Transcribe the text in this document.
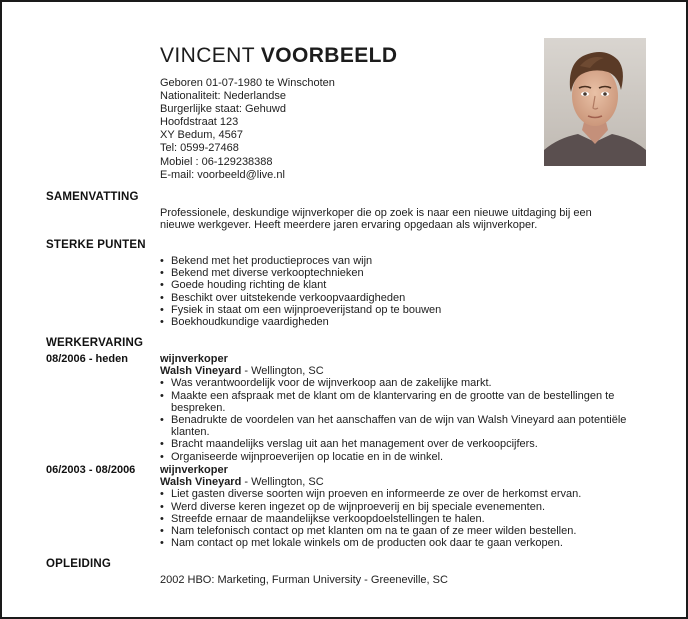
VINCENT VOORBEELD
Geboren 01-07-1980 te Winschoten
Nationaliteit: Nederlandse
Burgerlijke staat: Gehuwd
Hoofdstraat 123
XY Bedum, 4567
Tel: 0599-27468
Mobiel : 06-129238388
E-mail: voorbeeld@live.nl
SAMENVATTING
Professionele, deskundige wijnverkoper die op zoek is naar een nieuwe uitdaging bij een
nieuwe werkgever. Heeft meerdere jaren ervaring opgedaan als wijnverkoper.
STERKE PUNTEN
• Bekend met het productieproces van wijn
• Bekend met diverse verkooptechnieken
• Goede houding richting de klant
• Beschikt over uitstekende verkoopvaardigheden
• Fysiek in staat om een wijnproeverijstand op te bouwen
• Boekhoudkundige vaardigheden
WERKERVARING
08/2006 - heden	wijnverkoper
Walsh Vineyard - Wellington, SC
• Was verantwoordelijk voor de wijnverkoop aan de zakelijke markt.
• Maakte een afspraak met de klant om de klantervaring en de grootte van de bestellingen te bespreken.
• Benadrukte de voordelen van het aanschaffen van de wijn van Walsh Vineyard aan potentiële klanten.
• Bracht maandelijks verslag uit aan het management over de verkoopcijfers.
• Organiseerde wijnproeverijen op locatie en in de winkel.
06/2003 - 08/2006 wijnverkoper
Walsh Vineyard - Wellington, SC
• Liet gasten diverse soorten wijn proeven en informeerde ze over de herkomst ervan.
• Werd diverse keren ingezet op de wijnproeverij en bij speciale evenementen.
• Streefde ernaar de maandelijkse verkoopdoelstellingen te halen.
• Nam telefonisch contact op met klanten om na te gaan of ze meer wilden bestellen.
• Nam contact op met lokale winkels om de producten ook daar te gaan verkopen.
OPLEIDING
2002 HBO: Marketing, Furman University - Greeneville, SC
